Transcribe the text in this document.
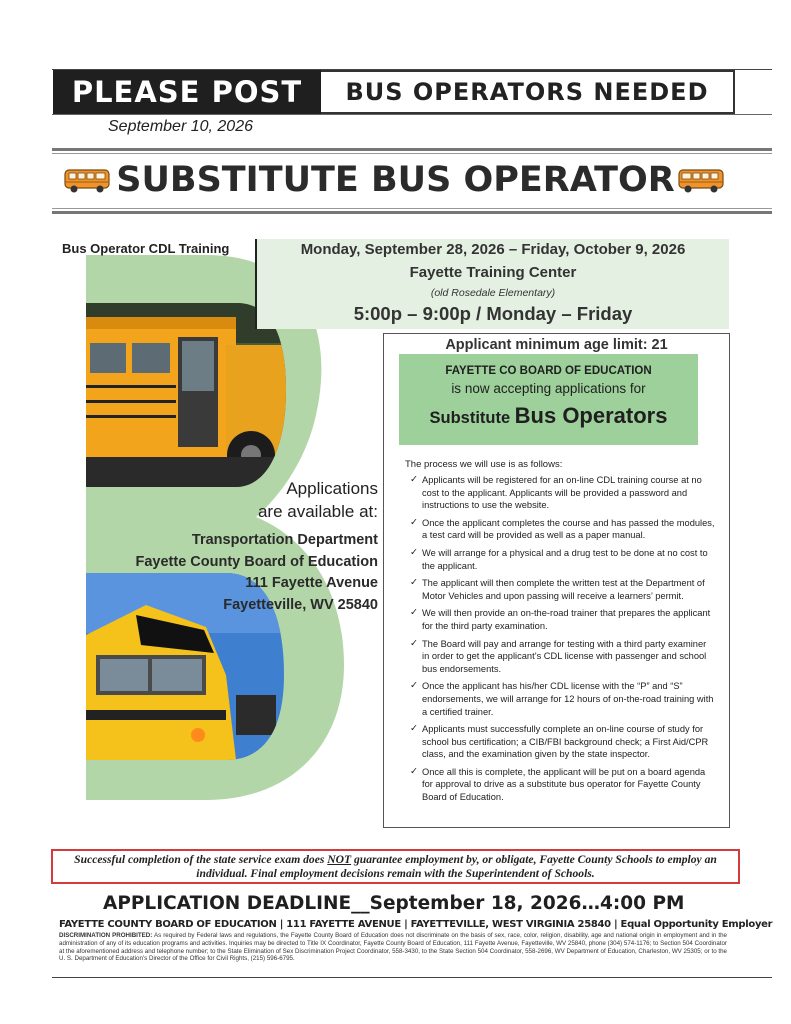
PLEASE POST	BUS OPERATORS NEEDED
September 10, 2026
SUBSTITUTE BUS OPERATOR
Bus Operator CDL Training	Monday, September 28, 2026 – Friday, October 9, 2026
Fayette Training Center
(old Rosedale Elementary)
5:00p – 9:00p / Monday – Friday
Applications
are available at:
Transportation Department
Fayette County Board of Education
111 Fayette Avenue
Fayetteville, WV 25840
Applicant minimum age limit: 21
FAYETTE CO BOARD OF EDUCATION
is now accepting applications for
Substitute Bus Operators
The process we will use is as follows:
✓ Applicants will be registered for an on-line CDL training course at no cost to the applicant. Applicants will be provided a password and instructions to use the website.
✓ Once the applicant completes the course and has passed the modules, a test card will be provided as well as a paper manual.
✓ We will arrange for a physical and a drug test to be done at no cost to the applicant.
✓ The applicant will then complete the written test at the Department of Motor Vehicles and upon passing will receive a learners’ permit.
✓ We will then provide an on-the-road trainer that prepares the applicant for the third party examination.
✓ The Board will pay and arrange for testing with a third party examiner in order to get the applicant’s CDL license with passenger and school bus endorsements.
✓ Once the applicant has his/her CDL license with the “P” and “S” endorsements, we will arrange for 12 hours of on-the-road training with a certified trainer.
✓ Applicants must successfully complete an on-line course of study for school bus certification; a CIB/FBI background check; a First Aid/CPR class, and the examination given by the state inspector.
✓ Once all this is complete, the applicant will be put on a board agenda for approval to drive as a substitute bus operator for Fayette County Board of Education.
Successful completion of the state service exam does NOT guarantee employment by, or obligate, Fayette County Schools to employ an individual. Final employment decisions remain with the Superintendent of Schools.
APPLICATION DEADLINE__September 18, 2026…4:00 PM
FAYETTE COUNTY BOARD OF EDUCATION | 111 FAYETTE AVENUE | FAYETTEVILLE, WEST VIRGINIA 25840 | Equal Opportunity Employer
DISCRIMINATION PROHIBITED: As required by Federal laws and regulations, the Fayette County Board of Education does not discriminate on the basis of sex, race, color, religion, disability, age and national origin in employment and in the administration of any of its education programs and activities. Inquiries may be directed to Title IX Coordinator, Fayette County Board of Education, 111 Fayette Avenue, Fayetteville, WV 25840, phone (304) 574-1176; to Section 504 Coordinator at the aforementioned address and telephone number; to the State Elimination of Sex Discrimination Project Coordinator, 558-3430, to the State Section 504 Coordinator, 558-2696, WV Department of Education, Charleston, WV 25305; or to the U. S. Department of Education’s Director of the Office for Civil Rights, (215) 596-6795.
